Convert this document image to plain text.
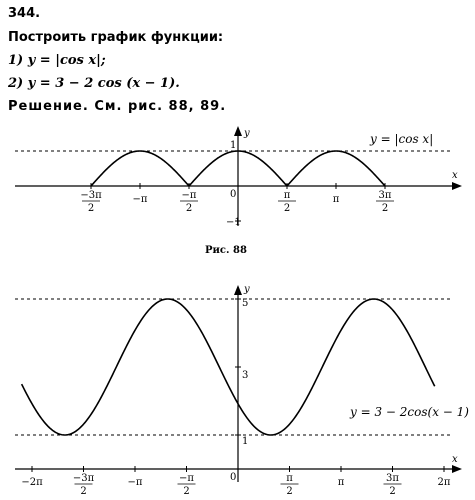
344.
Построить график функции:
1) y = |cos x|;
2) y = 3 − 2 cos (x − 1).
Решение. См. рис. 88, 89.
−3π
2
−π	−π
2
π
2
π	3π
2
x
y
1
−1
0
y = |cos x|
Рис. 88
−2π	−3π
2
−π	−π
2
π
2
π	3π
2
2π
x
y
5
3
1
0
y = 3 − 2cos(x − 1)
